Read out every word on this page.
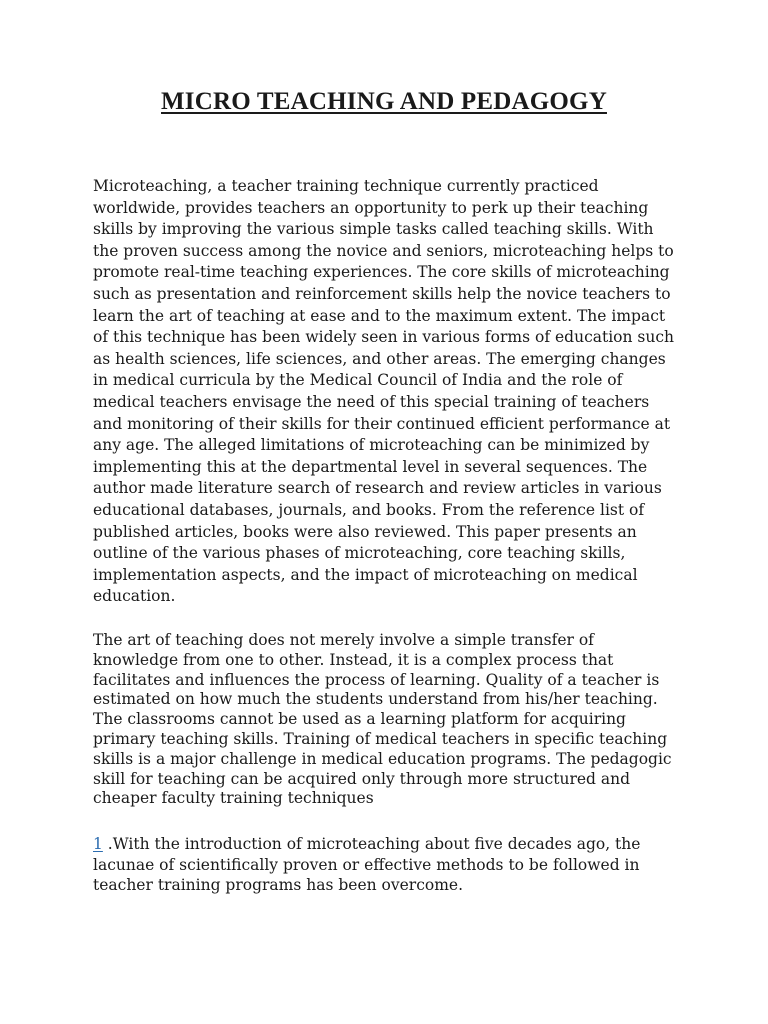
MICRO TEACHING AND PEDAGOGY

Microteaching, a teacher training technique currently practiced worldwide, provides teachers an opportunity to perk up their teaching skills by improving the various simple tasks called teaching skills. With the proven success among the novice and seniors, microteaching helps to promote real-time teaching experiences. The core skills of microteaching such as presentation and reinforcement skills help the novice teachers to learn the art of teaching at ease and to the maximum extent. The impact of this technique has been widely seen in various forms of education such as health sciences, life sciences, and other areas. The emerging changes in medical curricula by the Medical Council of India and the role of medical teachers envisage the need of this special training of teachers and monitoring of their skills for their continued efficient performance at any age. The alleged limitations of microteaching can be minimized by implementing this at the departmental level in several sequences. The author made literature search of research and review articles in various educational databases, journals, and books. From the reference list of published articles, books were also reviewed. This paper presents an outline of the various phases of microteaching, core teaching skills, implementation aspects, and the impact of microteaching on medical education.

The art of teaching does not merely involve a simple transfer of knowledge from one to other. Instead, it is a complex process that facilitates and influences the process of learning. Quality of a teacher is estimated on how much the students understand from his/her teaching. The classrooms cannot be used as a learning platform for acquiring primary teaching skills. Training of medical teachers in specific teaching skills is a major challenge in medical education programs. The pedagogic skill for teaching can be acquired only through more structured and cheaper faculty training techniques

1 .With the introduction of microteaching about five decades ago, the lacunae of scientifically proven or effective methods to be followed in teacher training programs has been overcome.
